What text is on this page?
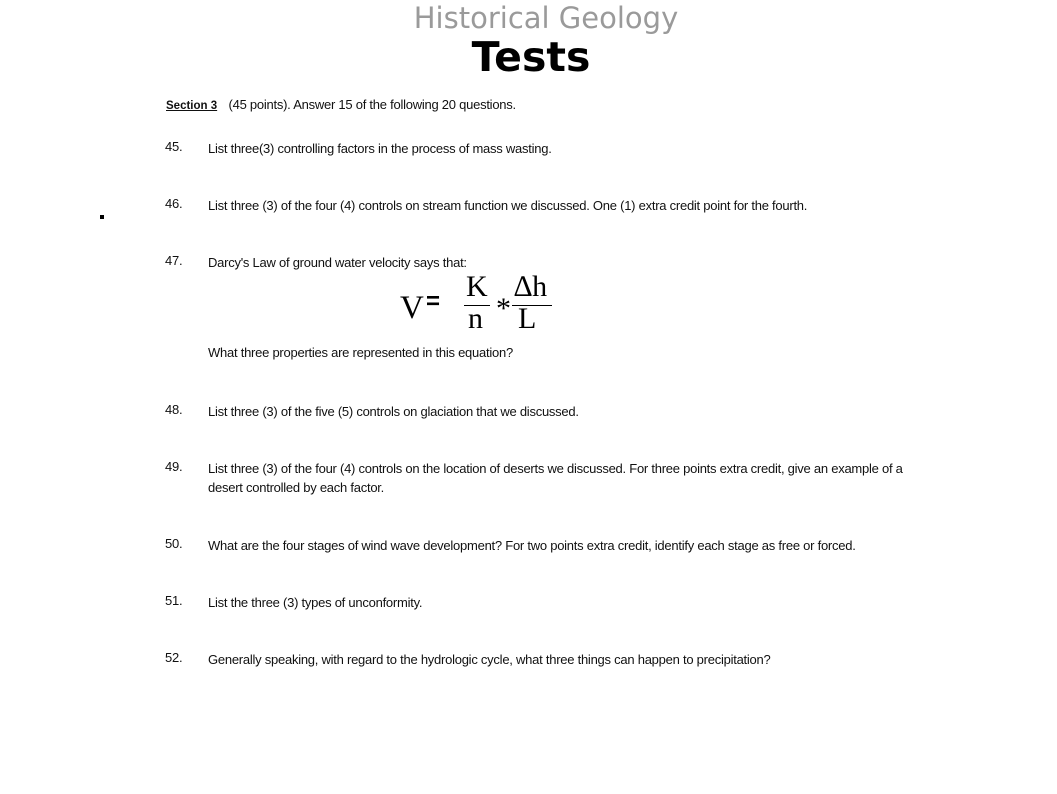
Historical Geology
Tests
Section 3 (45 points). Answer 15 of the following 20 questions.
45. List three(3) controlling factors in the process of mass wasting.
46. List three (3) of the four (4) controls on stream function we discussed. One (1) extra credit point for the fourth.
47. Darcy's Law of ground water velocity says that:
V = K
n *
∆h
L
What three properties are represented in this equation?
48. List three (3) of the five (5) controls on glaciation that we discussed.
49. List three (3) of the four (4) controls on the location of deserts we discussed. For three points extra credit, give an example of a desert controlled by each factor.
50. What are the four stages of wind wave development? For two points extra credit, identify each stage as free or forced.
51. List the three (3) types of unconformity.
52. Generally speaking, with regard to the hydrologic cycle, what three things can happen to precipitation?
